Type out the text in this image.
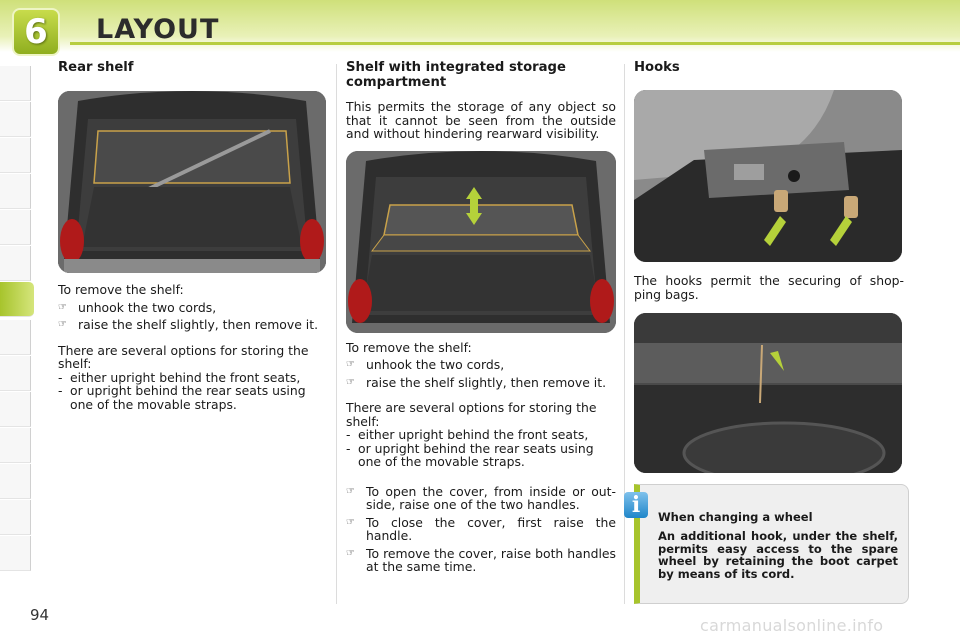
6	LAYOUT
Rear shelf

To remove the shelf:

☞ unhook the two cords,
☞ raise the shelf slightly, then remove it.

There are several options for storing the shelf:

- either upright behind the front seats,
- or upright behind the rear seats using one of the movable straps.
Shelf with integrated storage compartment

This permits the storage of any object so that it cannot be seen from the outside and without hindering rearward visibility.

To remove the shelf:

☞ unhook the two cords,
☞ raise the shelf slightly, then remove it.

There are several options for storing the shelf:

- either upright behind the front seats,
- or upright behind the rear seats using one of the movable straps.
☞ To open the cover, from inside or out-side, raise one of the two handles.
☞ To close the cover, first raise the handle.
☞ To remove the cover, raise both handles at the same time.
Hooks

The hooks permit the securing of shop-ping bags.

i	When changing a wheel
An additional hook, under the shelf, permits easy access to the spare wheel by retaining the boot carpet by means of its cord.
94
carmanualsonline.info
